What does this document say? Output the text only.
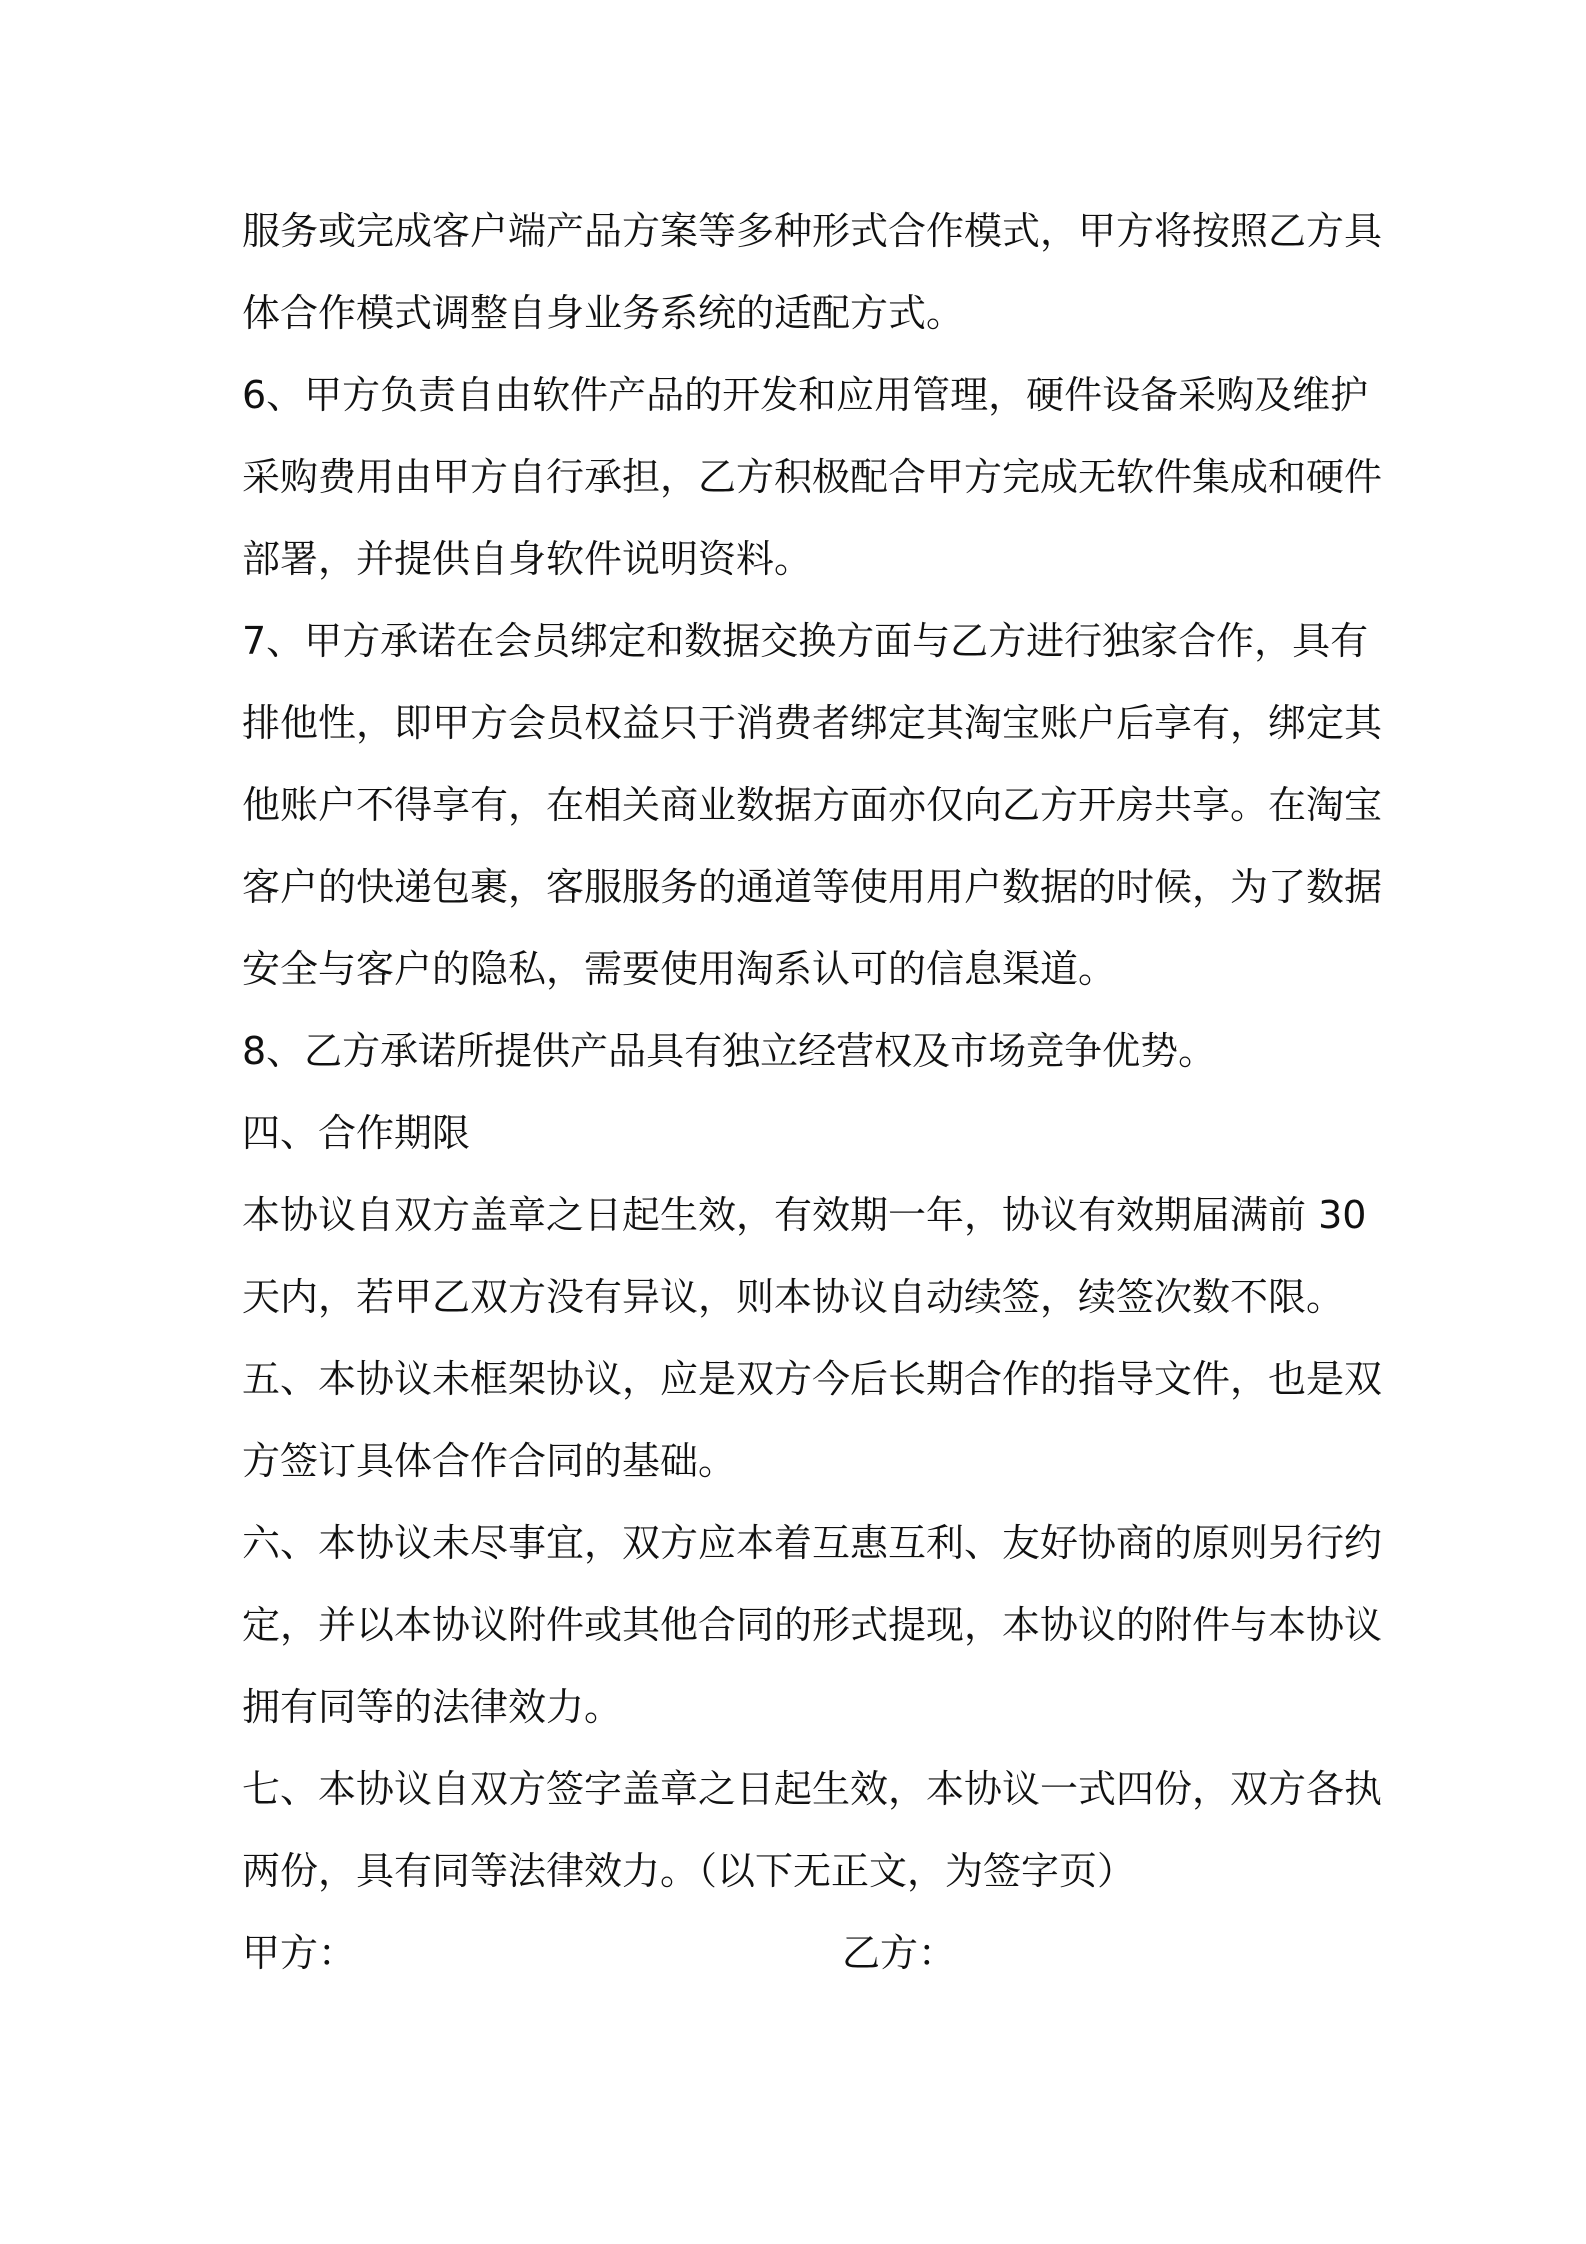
服务或完成客户端产品方案等多种形式合作模式，甲方将按照乙方具
体合作模式调整自身业务系统的适配方式。
6、甲方负责自由软件产品的开发和应用管理，硬件设备采购及维护
采购费用由甲方自行承担，乙方积极配合甲方完成无软件集成和硬件
部署，并提供自身软件说明资料。
7、甲方承诺在会员绑定和数据交换方面与乙方进行独家合作，具有
排他性，即甲方会员权益只于消费者绑定其淘宝账户后享有，绑定其
他账户不得享有，在相关商业数据方面亦仅向乙方开房共享。在淘宝
客户的快递包裹，客服服务的通道等使用用户数据的时候，为了数据
安全与客户的隐私，需要使用淘系认可的信息渠道。
8、乙方承诺所提供产品具有独立经营权及市场竞争优势。
四、合作期限
本协议自双方盖章之日起生效，有效期一年，协议有效期届满前 30
天内，若甲乙双方没有异议，则本协议自动续签，续签次数不限。
五、本协议未框架协议，应是双方今后长期合作的指导文件，也是双
方签订具体合作合同的基础。
六、本协议未尽事宜，双方应本着互惠互利、友好协商的原则另行约
定，并以本协议附件或其他合同的形式提现，本协议的附件与本协议
拥有同等的法律效力。
七、本协议自双方签字盖章之日起生效，本协议一式四份，双方各执
两份，具有同等法律效力。（以下无正文，为签字页）
甲方：	乙方：
